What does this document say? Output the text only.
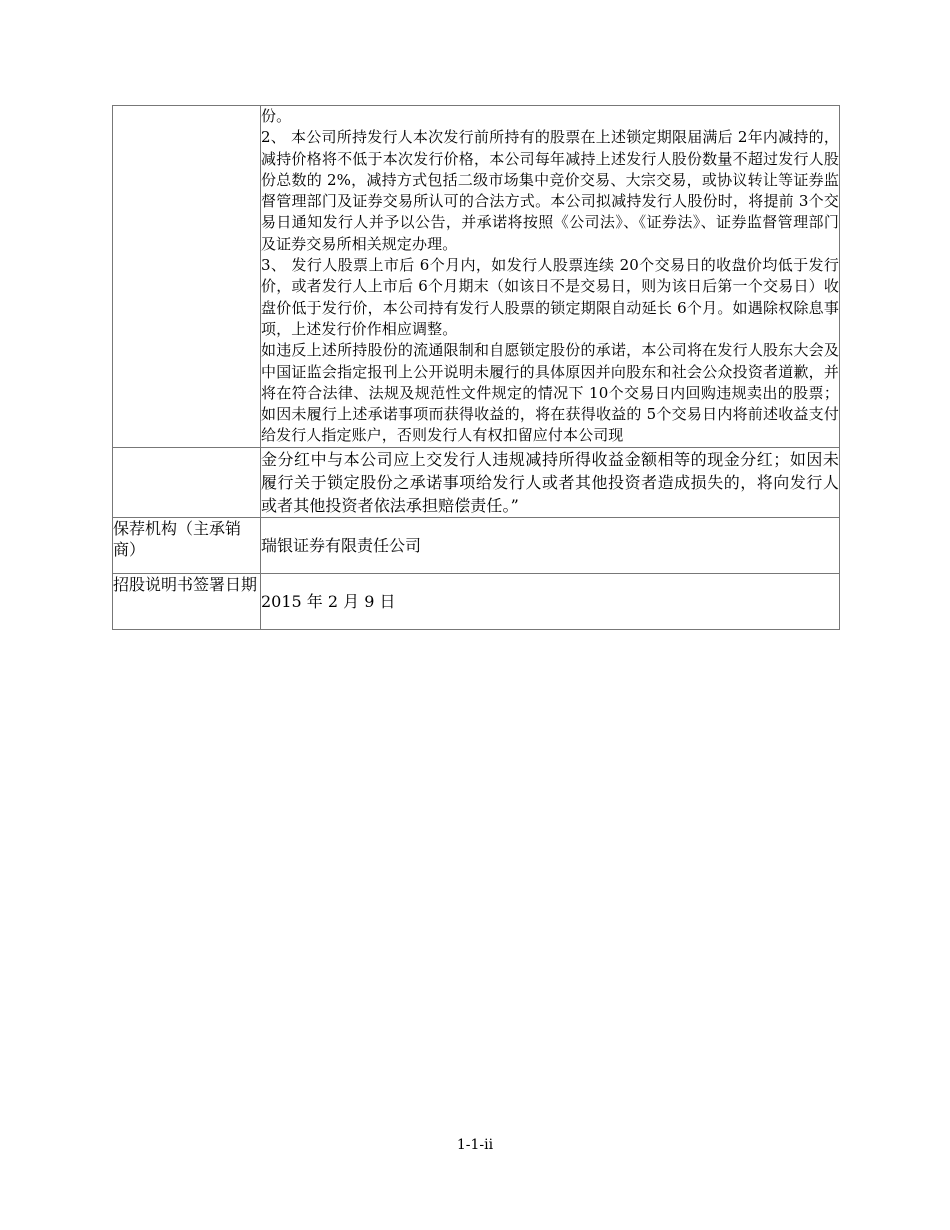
	份。

2、 本公司所持发行人本次发行前所持有的股票在上述锁定期限届满后 2年内减持的，减持价格将不低于本次发行价格，本公司每年减持上述发行人股份数量不超过发行人股份总数的 2%，减持方式包括二级市场集中竞价交易、大宗交易，或协议转让等证券监督管理部门及证券交易所认可的合法方式。本公司拟减持发行人股份时，将提前 3个交易日通知发行人并予以公告，并承诺将按照《公司法》、《证券法》、证券监督管理部门及证券交易所相关规定办理。

3、 发行人股票上市后 6个月内，如发行人股票连续 20个交易日的收盘价均低于发行价，或者发行人上市后 6个月期末（如该日不是交易日，则为该日后第一个交易日）收盘价低于发行价，本公司持有发行人股票的锁定期限自动延长 6个月。如遇除权除息事项，上述发行价作相应调整。

如违反上述所持股份的流通限制和自愿锁定股份的承诺，本公司将在发行人股东大会及中国证监会指定报刊上公开说明未履行的具体原因并向股东和社会公众投资者道歉，并将在符合法律、法规及规范性文件规定的情况下 10个交易日内回购违规卖出的股票；如因未履行上述承诺事项而获得收益的，将在获得收益的 5个交易日内将前述收益支付给发行人指定账户，否则发行人有权扣留应付本公司现

	金分红中与本公司应上交发行人违规减持所得收益金额相等的现金分红；如因未履行关于锁定股份之承诺事项给发行人或者其他投资者造成损失的，将向发行人或者其他投资者依法承担赔偿责任。”

保荐机构（主承销商）	瑞银证券有限责任公司

招股说明书签署日期	2015 年 2 月 9 日

1-1-ii
